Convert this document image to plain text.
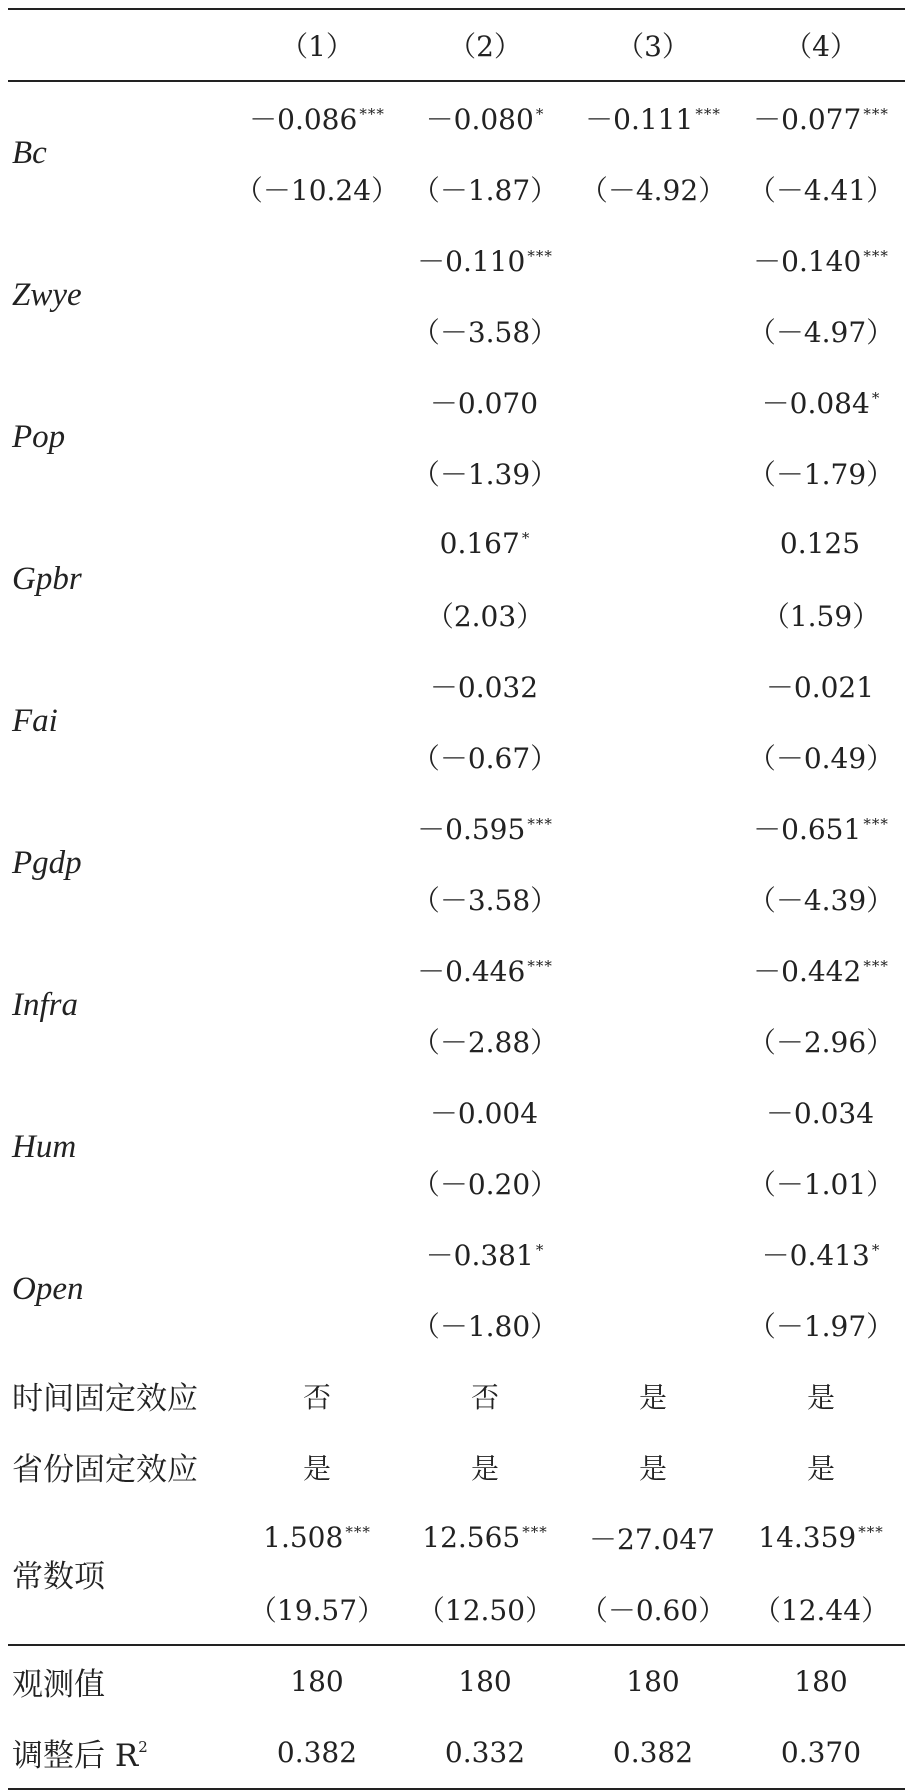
	（1）	（2）	（3）	（4）
Bc	－0.086 ***	－0.080 *	－0.111 ***	－0.077 ***
	（－10.24）	（－1.87）	（－4.92）	（－4.41）
Zwye		－0.110 ***		－0.140 ***
		（－3.58）		（－4.97）
Pop		－0.070		－0.084 *
		（－1.39）		（－1.79）
Gpbr		0.167 *		0.125
		（2.03）		（1.59）
Fai		－0.032		－0.021
		（－0.67）		（－0.49）
Pgdp		－0.595 ***		－0.651 ***
		（－3.58）		（－4.39）
Infra		－0.446 ***		－0.442 ***
		（－2.88）		（－2.96）
Hum		－0.004		－0.034
		（－0.20）		（－1.01）
Open		－0.381 *		－0.413 *
		（－1.80）		（－1.97）
时间固定效应	否	否	是	是
省份固定效应	是	是	是	是
常数项	1.508 ***	12.565 ***	－27.047	14.359 ***
	（19.57）	（12.50）	（－0.60）	（12.44）
观测值	180	180	180	180
调整后 $R^2$	0.382	0.332	0.382	0.370
